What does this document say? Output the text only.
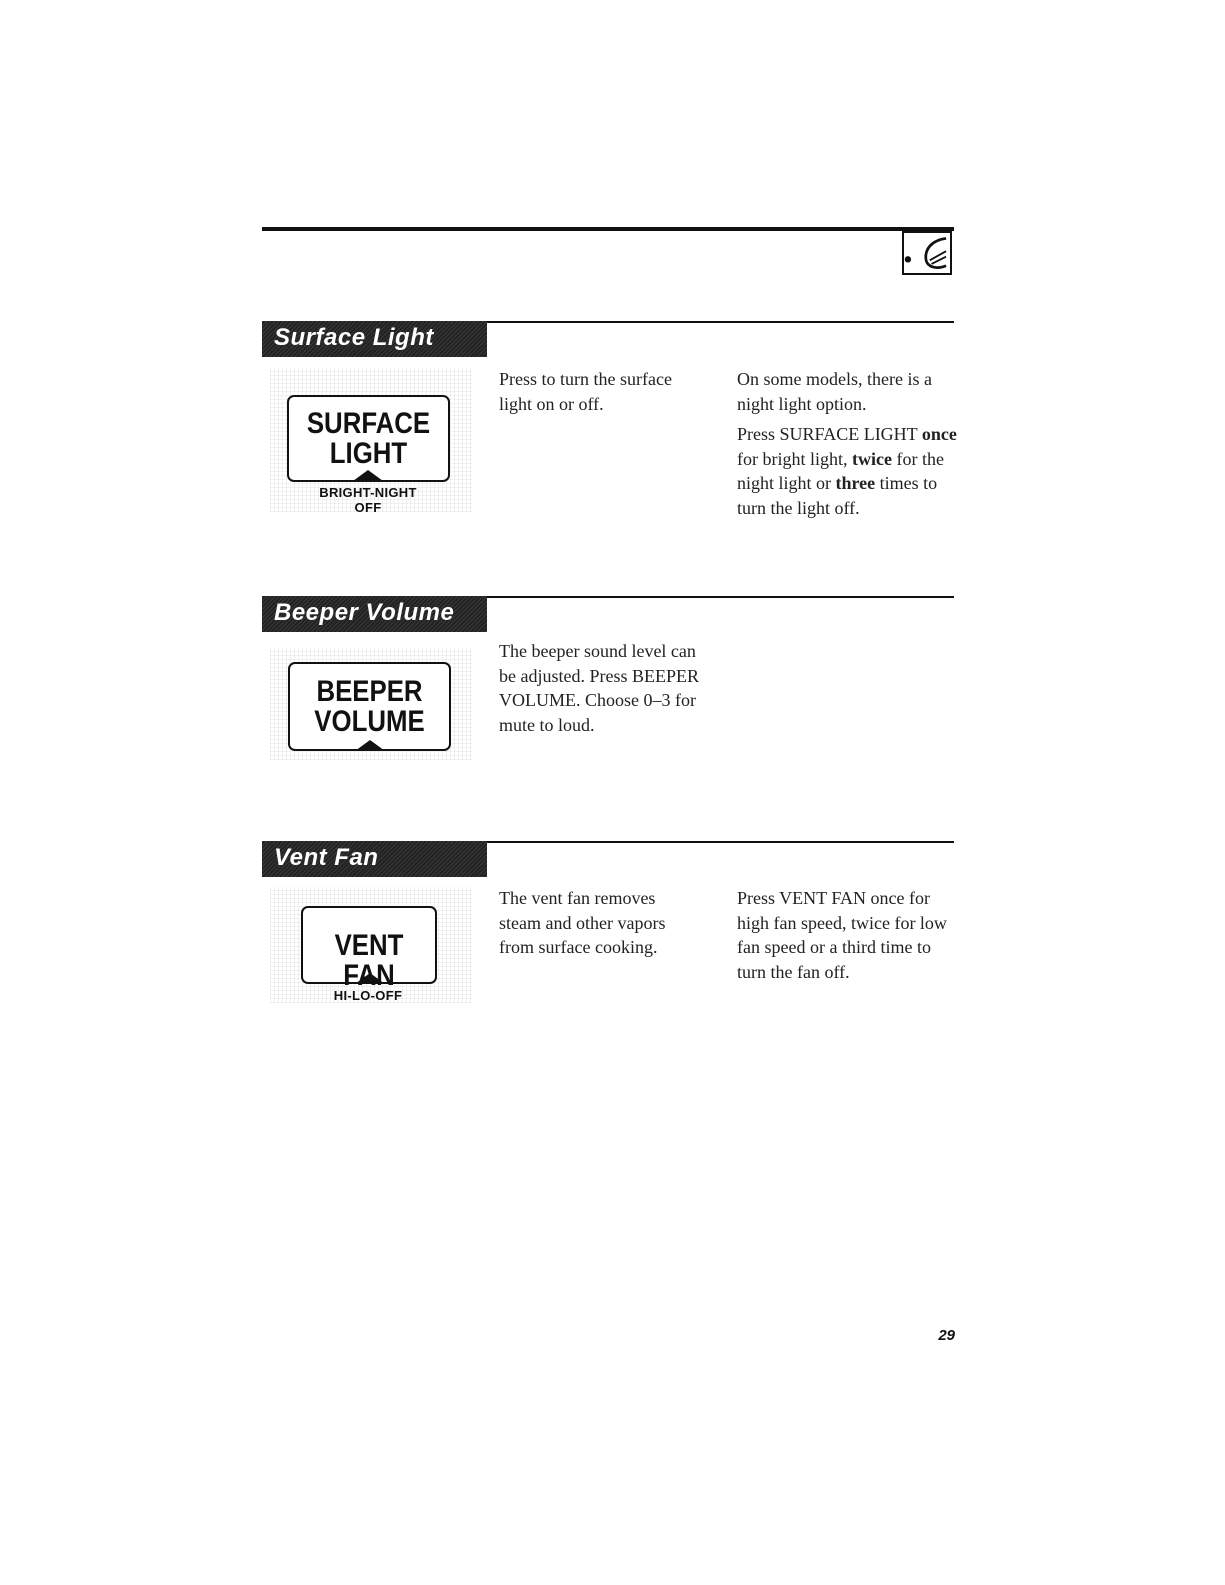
Surface Light
SURFACE
LIGHT
BRIGHT-NIGHT
OFF

Press to turn the surface light on or off.

On some models, there is a night light option.

Press SURFACE LIGHT once for bright light, twice for the night light or three times to turn the light off.

Beeper Volume
BEEPER
VOLUME

The beeper sound level can be adjusted. Press BEEPER VOLUME. Choose 0–3 for mute to loud.

Vent Fan
VENT FAN
HI-LO-OFF

The vent fan removes steam and other vapors from surface cooking.

Press VENT FAN once for high fan speed, twice for low fan speed or a third time to turn the fan off.

29
